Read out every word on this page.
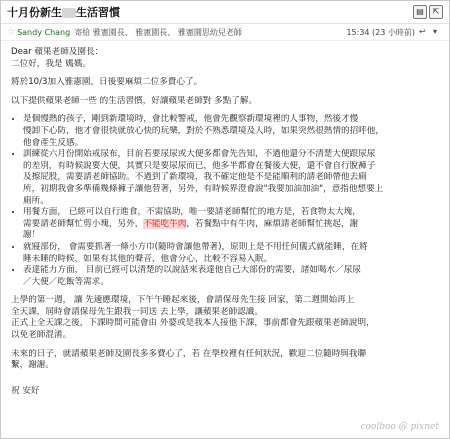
十月份新生 生活習慣	▤	⇱
☆ Sandy Chang 寄給 雅憲園長、 雅憲園長、 雅憲園思幼兒老師	15:34 (23 小時前) ↩ ▾
Dear 蘋果老師及園長：
二位好，我是 媽媽。
將於10/3加入雅憲園，日後要麻煩二位多費心了。
以下提供蘋果老師一些 的生活習慣，好讓蘋果老師對 多點了解。
• 是個慢熱的孩子，剛到新環境時，會比較警戒，他會先觀察新環境裡的人事物，然後才慢
慢卸下心防，他才會很快就放心快的玩樂，對於不熟悉環境及人時，如果突然很熱情的招呼他，
他會產生反感。
• 訓練從六月份開始戒尿布，目前若要尿尿或大便多都會先告知，不過他還分不清楚大便跟尿尿
的差別，有時候說要大便，其實只是要尿尿而已，他多半都會在餐後大便，還不會自行脫褲子
及擦屁股，需要請老師協助。不過到了新環境，我不確定他是不是能順利的請老師帶他去廁
所，初期我會多準備幾條褲子讓他替著，另外，有時候界澄會說"我要加油加油"，意指他想要上
廁所。
• 用餐方面， 已經可以自行進食，不需協助，唯一要請老師幫忙的地方是，若食物太大塊，
需要請老師幫忙剪小塊，另外，不能吃牛肉，若餐點中有牛肉，麻煩請老師幫忙挑起，謝
謝！
• 就寢部份， 會需要抓著一條小方巾(隨時會讓他帶著)，原則上是不用任何儀式就能睡，在將
睡未睡的時候，如果有其他的聲音，他會分心，比較不容易入眠。
• 表達能力方面， 目前已經可以清楚的以說話來表達他自己大部份的需要，諸如喝水／尿尿
／大便／吃飯等需求。
上學的第一週， 讓 先適應環境，下午午睡起來後，會請保母先生接 回家，第二週開始再上
全天課，屆時會請保母先生跟我一同送 去上學，讓蘋果老師認識。
正式上全天課之後，下課時間可能會由 外婆或是我本人接他下課，事前都會先跟蘋果老師說明，
以免老師混淆。
未來的日子，就請蘋果老師及園長多多費心了，若 在學校裡有任何狀況，歡迎二位隨時與我聯
繫，謝謝。
祝 安好
coolboo @ pixnet
